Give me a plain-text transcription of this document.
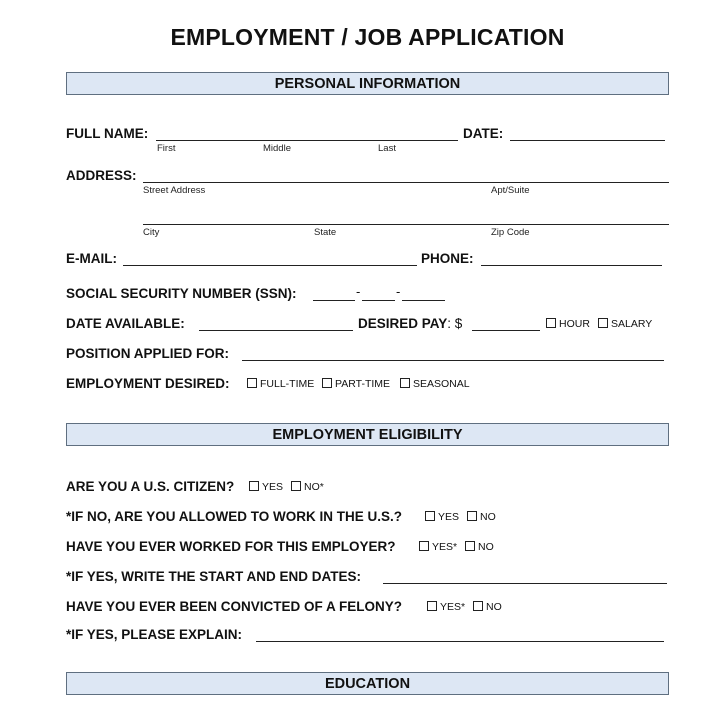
EMPLOYMENT / JOB APPLICATION
PERSONAL INFORMATION
FULL NAME:
First	Middle	Last
DATE:
ADDRESS:
Street Address	Apt/Suite
City	State	Zip Code
E-MAIL:	PHONE:
SOCIAL SECURITY NUMBER (SSN):	-	-
DATE AVAILABLE:	DESIRED PAY: $	HOUR	SALARY
POSITION APPLIED FOR:
EMPLOYMENT DESIRED:	FULL-TIME	PART-TIME	SEASONAL
EMPLOYMENT ELIGIBILITY
ARE YOU A U.S. CITIZEN?	YES	NO*
*IF NO, ARE YOU ALLOWED TO WORK IN THE U.S.?	YES	NO
HAVE YOU EVER WORKED FOR THIS EMPLOYER?	YES*	NO
*IF YES, WRITE THE START AND END DATES:
HAVE YOU EVER BEEN CONVICTED OF A FELONY?	YES*	NO
*IF YES, PLEASE EXPLAIN:
EDUCATION
